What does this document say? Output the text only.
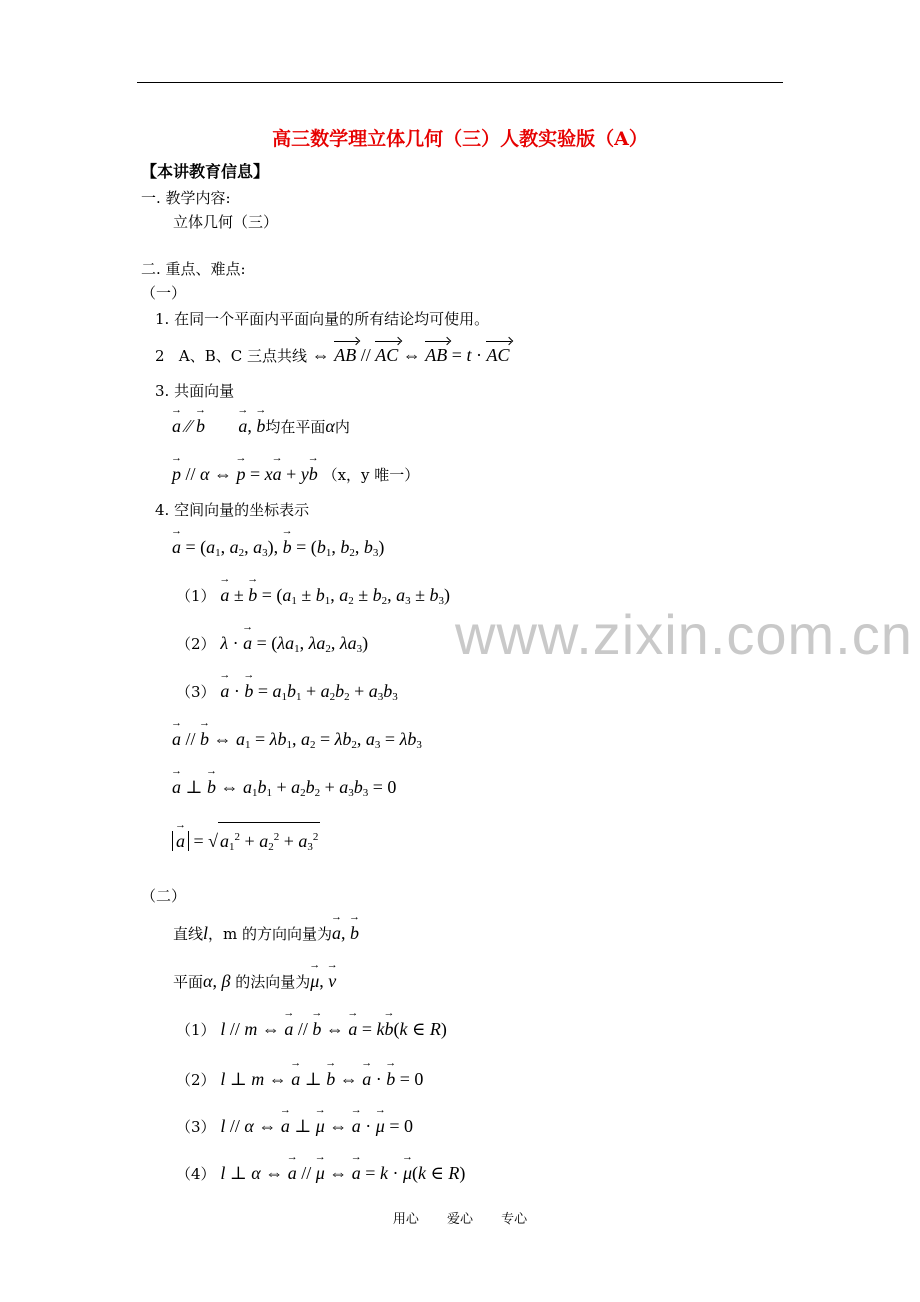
高三数学理立体几何（三）人教实验版（A）
【本讲教育信息】
一. 教学内容:
立体几何（三）
二. 重点、难点:
（一）
1. 在同一个平面内平面向量的所有结论均可使用。
2 A、B、C 三点共线 ⇔ AB // AC ⇔ AB = t · AC
3. 共面向量
→ a ⁄⁄ → b → a, → b均在平面α内
→ p // α ⇔ → p = x→ a + y→ b （x，y 唯一）
4. 空间向量的坐标表示
→ $a = (a_1$, $a_2$, $a_3$), → $b = (b_1$, $b_2$, $b_3$)
（1） → a ± → $b = (a_1 \pm b_1$, $a_2 \pm b_2$, $a_3 \pm b_3$)
（2） λ · → $a = (\lambda a_1$, $\lambda a_2$, $\lambda a_3$)
（3） → a · → $b = a_1b_1 + a_2b_2 + a_3b_3$
→ a // → b ⇔ $a_1 = \lambda b_1$, $a_2 = \lambda b_2$, $a_3 = \lambda b_3$
→ a ⊥ → b ⇔ $a_1b_1 + a_2b_2 + a_3b_3 = 0$
→ a = √ $a_1^2 + a_2^2 + a_3^2$
（二）
直线l，m 的方向向量为→ a, → b
平面α, β 的法向量为→ μ, → v
（1） l // m ⇔ → a // → b ⇔ → a = k→ b(k ∈ R)
（2） l ⊥ m ⇔ → a ⊥ → b ⇔ → a · → b = 0
（3） l // α ⇔ → a ⊥ → μ ⇔ → a · → μ = 0
（4） l ⊥ α ⇔ → a // → μ ⇔ → a = k · → μ(k ∈ R)
www.zixin.com.cn
用心 爱心 专心
